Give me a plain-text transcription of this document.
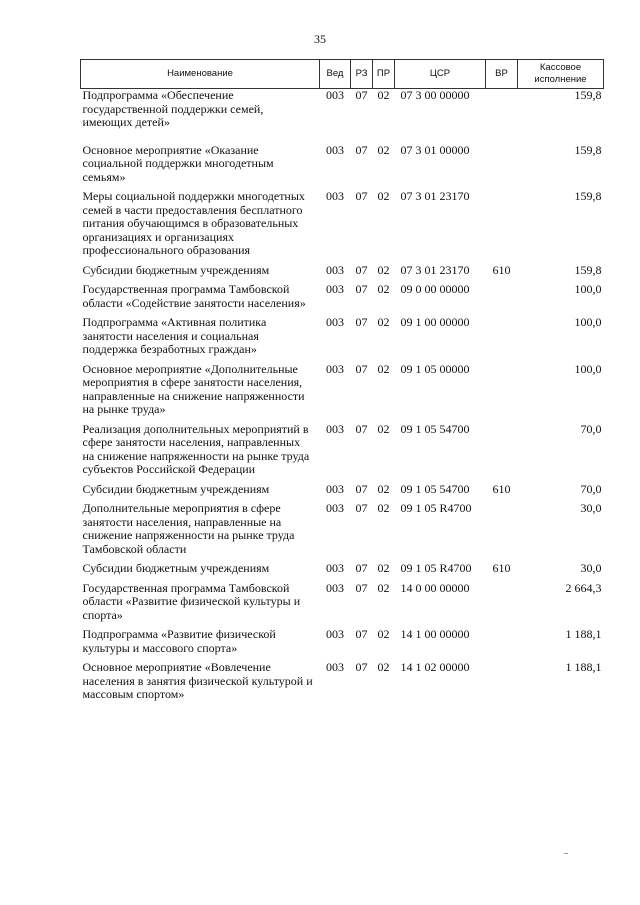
35
Наименование	Вед	РЗ	ПР	ЦСР	ВР	Кассовое исполнение
Подпрограмма «Обеспечение государственной поддержки семей, имеющих детей»	003	07	02	07 3 00 00000		159,8
Основное мероприятие «Оказание социальной поддержки многодетным семьям»	003	07	02	07 3 01 00000		159,8
Меры социальной поддержки многодетных семей в части предоставления бесплатного питания обучающимся в образовательных организациях и организациях профессионального образования	003	07	02	07 3 01 23170		159,8
Субсидии бюджетным учреждениям	003	07	02	07 3 01 23170	610	159,8
Государственная программа Тамбовской области «Содействие занятости населения»	003	07	02	09 0 00 00000		100,0
Подпрограмма «Активная политика занятости населения и социальная поддержка безработных граждан»	003	07	02	09 1 00 00000		100,0
Основное мероприятие «Дополнительные мероприятия в сфере занятости населения, направленные на снижение напряженности на рынке труда»	003	07	02	09 1 05 00000		100,0
Реализация дополнительных мероприятий в сфере занятости населения, направленных на снижение напряженности на рынке труда субъектов Российской Федерации	003	07	02	09 1 05 54700		70,0
Субсидии бюджетным учреждениям	003	07	02	09 1 05 54700	610	70,0
Дополнительные мероприятия в сфере занятости населения, направленные на снижение напряженности на рынке труда Тамбовской области	003	07	02	09 1 05 R4700		30,0
Субсидии бюджетным учреждениям	003	07	02	09 1 05 R4700	610	30,0
Государственная программа Тамбовской области «Развитие физической культуры и спорта»	003	07	02	14 0 00 00000		2 664,3
Подпрограмма «Развитие физической культуры и массового спорта»	003	07	02	14 1 00 00000		1 188,1
Основное мероприятие «Вовлечение населения в занятия физической культурой и массовым спортом»	003	07	02	14 1 02 00000		1 188,1
